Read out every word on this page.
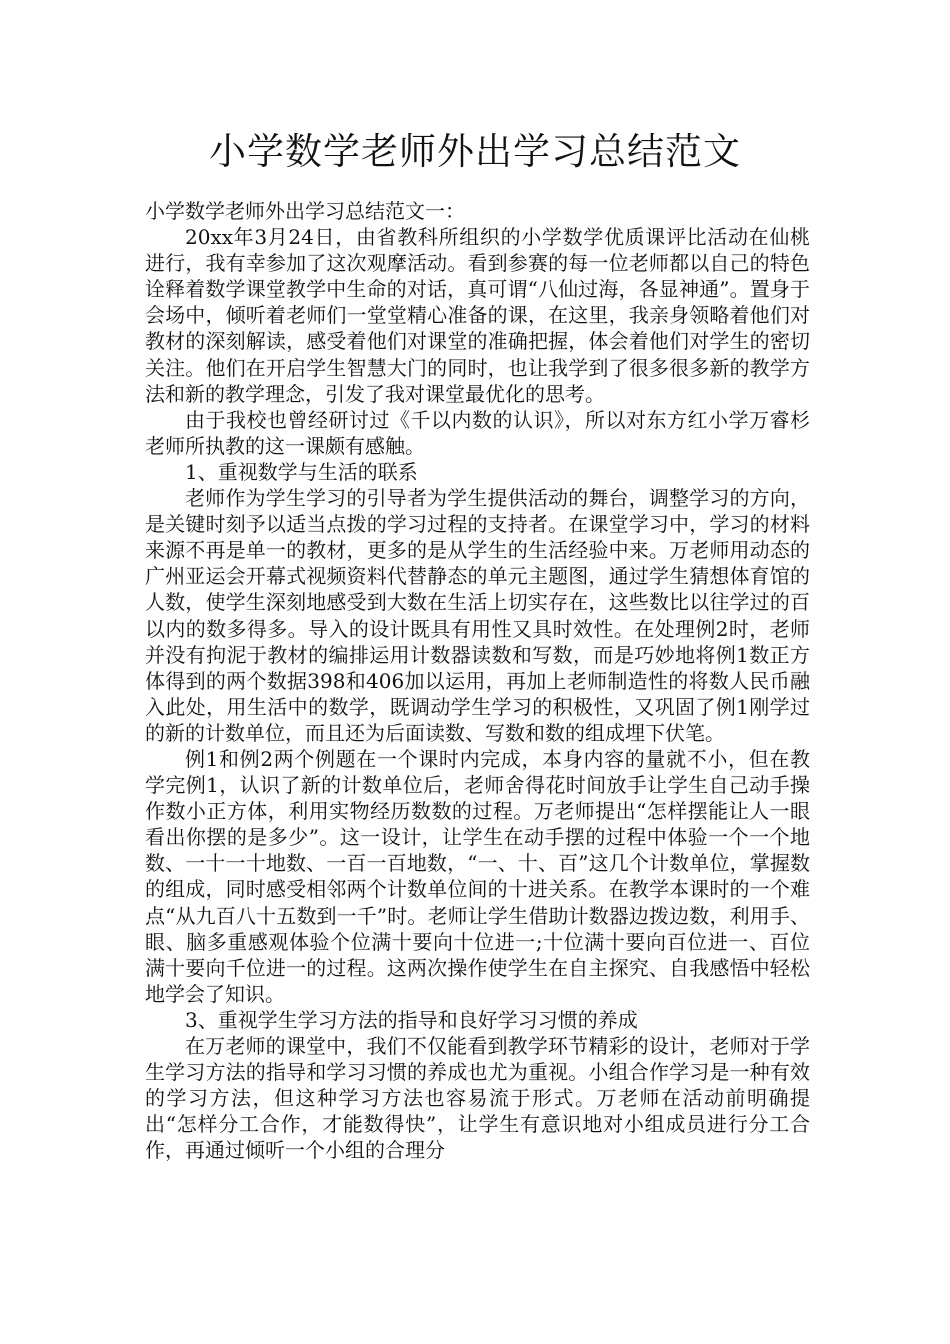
小学数学老师外出学习总结范文

小学数学老师外出学习总结范文一：

20xx年3月24日，由省教科所组织的小学数学优质课评比活动在仙桃进行，我有幸参加了这次观摩活动。看到参赛的每一位老师都以自己的特色诠释着数学课堂教学中生命的对话，真可谓“八仙过海，各显神通”。置身于会场中，倾听着老师们一堂堂精心准备的课，在这里，我亲身领略着他们对教材的深刻解读，感受着他们对课堂的准确把握，体会着他们对学生的密切关注。他们在开启学生智慧大门的同时，也让我学到了很多很多新的教学方法和新的教学理念，引发了我对课堂最优化的思考。

由于我校也曾经研讨过《千以内数的认识》，所以对东方红小学万睿杉老师所执教的这一课颇有感触。

1、重视数学与生活的联系

老师作为学生学习的引导者为学生提供活动的舞台，调整学习的方向，是关键时刻予以适当点拨的学习过程的支持者。在课堂学习中，学习的材料来源不再是单一的教材，更多的是从学生的生活经验中来。万老师用动态的广州亚运会开幕式视频资料代替静态的单元主题图，通过学生猜想体育馆的人数，使学生深刻地感受到大数在生活上切实存在，这些数比以往学过的百以内的数多得多。导入的设计既具有用性又具时效性。在处理例2时，老师并没有拘泥于教材的编排运用计数器读数和写数，而是巧妙地将例1数正方体得到的两个数据398和406加以运用，再加上老师制造性的将数人民币融入此处，用生活中的数学，既调动学生学习的积极性，又巩固了例1刚学过的新的计数单位，而且还为后面读数、写数和数的组成埋下伏笔。

例1和例2两个例题在一个课时内完成，本身内容的量就不小，但在教学完例1，认识了新的计数单位后，老师舍得花时间放手让学生自己动手操作数小正方体，利用实物经历数数的过程。万老师提出“怎样摆能让人一眼看出你摆的是多少”。这一设计，让学生在动手摆的过程中体验一个一个地数、一十一十地数、一百一百地数，“一、十、百”这几个计数单位，掌握数的组成，同时感受相邻两个计数单位间的十进关系。在教学本课时的一个难点“从九百八十五数到一千”时。老师让学生借助计数器边拨边数，利用手、眼、脑多重感观体验个位满十要向十位进一;十位满十要向百位进一、百位满十要向千位进一的过程。这两次操作使学生在自主探究、自我感悟中轻松地学会了知识。

3、重视学生学习方法的指导和良好学习习惯的养成

在万老师的课堂中，我们不仅能看到教学环节精彩的设计，老师对于学生学习方法的指导和学习习惯的养成也尤为重视。小组合作学习是一种有效的学习方法，但这种学习方法也容易流于形式。万老师在活动前明确提出“怎样分工合作，才能数得快”，让学生有意识地对小组成员进行分工合作，再通过倾听一个小组的合理分
